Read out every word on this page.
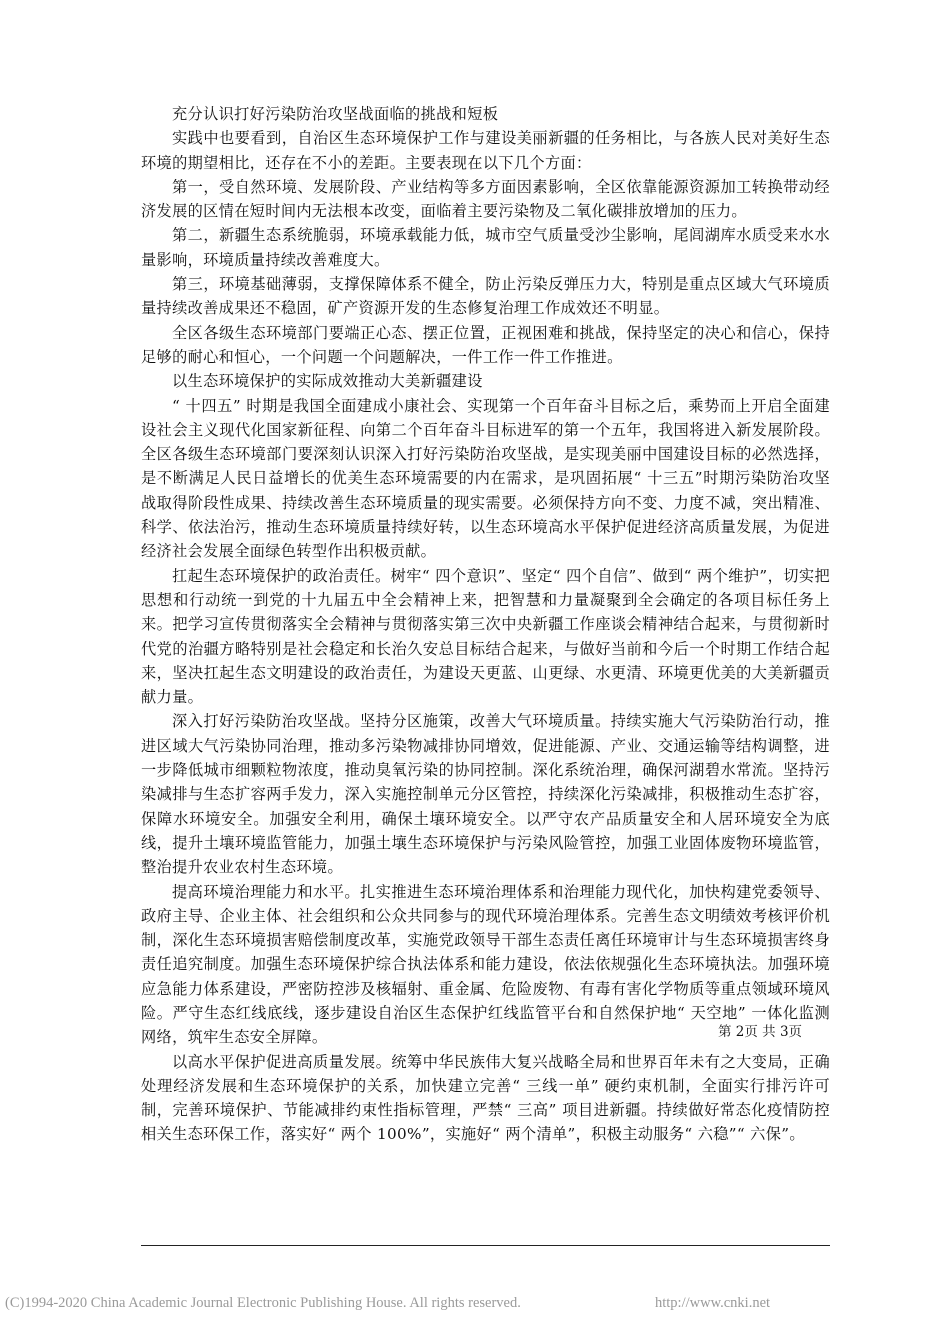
充分认识打好污染防治攻坚战面临的挑战和短板

实践中也要看到，自治区生态环境保护工作与建设美丽新疆的任务相比，与各族人民对美好生态环境的期望相比，还存在不小的差距。主要表现在以下几个方面：

第一，受自然环境、发展阶段、产业结构等多方面因素影响，全区依靠能源资源加工转换带动经济发展的区情在短时间内无法根本改变，面临着主要污染物及二氧化碳排放增加的压力。

第二，新疆生态系统脆弱，环境承载能力低，城市空气质量受沙尘影响，尾闾湖库水质受来水水量影响，环境质量持续改善难度大。

第三，环境基础薄弱，支撑保障体系不健全，防止污染反弹压力大，特别是重点区域大气环境质量持续改善成果还不稳固，矿产资源开发的生态修复治理工作成效还不明显。

全区各级生态环境部门要端正心态、摆正位置，正视困难和挑战，保持坚定的决心和信心，保持足够的耐心和恒心，一个问题一个问题解决，一件工作一件工作推进。

以生态环境保护的实际成效推动大美新疆建设

“ 十四五” 时期是我国全面建成小康社会、实现第一个百年奋斗目标之后，乘势而上开启全面建设社会主义现代化国家新征程、向第二个百年奋斗目标进军的第一个五年，我国将进入新发展阶段。全区各级生态环境部门要深刻认识深入打好污染防治攻坚战，是实现美丽中国建设目标的必然选择，是不断满足人民日益增长的优美生态环境需要的内在需求，是巩固拓展“ 十三五”时期污染防治攻坚战取得阶段性成果、持续改善生态环境质量的现实需要。必须保持方向不变、力度不减，突出精准、科学、依法治污，推动生态环境质量持续好转，以生态环境高水平保护促进经济高质量发展，为促进经济社会发展全面绿色转型作出积极贡献。

扛起生态环境保护的政治责任。树牢“ 四个意识”、坚定“ 四个自信”、做到“ 两个维护”，切实把思想和行动统一到党的十九届五中全会精神上来，把智慧和力量凝聚到全会确定的各项目标任务上来。把学习宣传贯彻落实全会精神与贯彻落实第三次中央新疆工作座谈会精神结合起来，与贯彻新时代党的治疆方略特别是社会稳定和长治久安总目标结合起来，与做好当前和今后一个时期工作结合起来，坚决扛起生态文明建设的政治责任，为建设天更蓝、山更绿、水更清、环境更优美的大美新疆贡献力量。

深入打好污染防治攻坚战。坚持分区施策，改善大气环境质量。持续实施大气污染防治行动，推进区域大气污染协同治理，推动多污染物减排协同增效，促进能源、产业、交通运输等结构调整，进一步降低城市细颗粒物浓度，推动臭氧污染的协同控制。深化系统治理，确保河湖碧水常流。坚持污染减排与生态扩容两手发力，深入实施控制单元分区管控，持续深化污染减排，积极推动生态扩容，保障水环境安全。加强安全利用，确保土壤环境安全。以严守农产品质量安全和人居环境安全为底线，提升土壤环境监管能力，加强土壤生态环境保护与污染风险管控，加强工业固体废物环境监管，整治提升农业农村生态环境。

提高环境治理能力和水平。扎实推进生态环境治理体系和治理能力现代化，加快构建党委领导、政府主导、企业主体、社会组织和公众共同参与的现代环境治理体系。完善生态文明绩效考核评价机制，深化生态环境损害赔偿制度改革，实施党政领导干部生态责任离任环境审计与生态环境损害终身责任追究制度。加强生态环境保护综合执法体系和能力建设，依法依规强化生态环境执法。加强环境应急能力体系建设，严密防控涉及核辐射、重金属、危险废物、有毒有害化学物质等重点领域环境风险。严守生态红线底线，逐步建设自治区生态保护红线监管平台和自然保护地“ 天空地” 一体化监测网络，筑牢生态安全屏障。

以高水平保护促进高质量发展。统筹中华民族伟大复兴战略全局和世界百年未有之大变局，正确处理经济发展和生态环境保护的关系，加快建立完善“ 三线一单” 硬约束机制，全面实行排污许可制，完善环境保护、节能减排约束性指标管理，严禁“ 三高” 项目进新疆。持续做好常态化疫情防控相关生态环保工作，落实好“ 两个 100%”，实施好“ 两个清单”，积极主动服务“ 六稳”“ 六保”。

第 2页 共 3页
(C)1994-2020 China Academic Journal Electronic Publishing House. All rights reserved.	http://www.cnki.net
